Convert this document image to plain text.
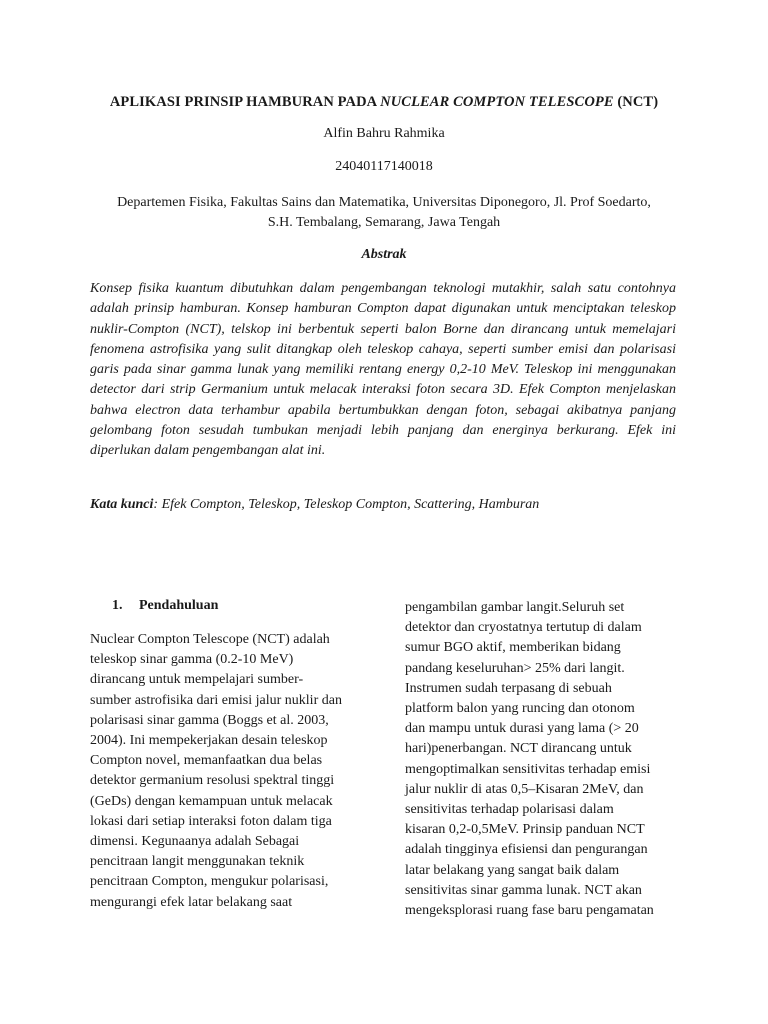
APLIKASI PRINSIP HAMBURAN PADA NUCLEAR COMPTON TELESCOPE (NCT)
Alfin Bahru Rahmika
24040117140018
Departemen Fisika, Fakultas Sains dan Matematika, Universitas Diponegoro, Jl. Prof Soedarto,
S.H. Tembalang, Semarang, Jawa Tengah
Abstrak

Konsep fisika kuantum dibutuhkan dalam pengembangan teknologi mutakhir, salah satu contohnya adalah prinsip hamburan. Konsep hamburan Compton dapat digunakan untuk menciptakan teleskop nuklir-Compton (NCT), telskop ini berbentuk seperti balon Borne dan dirancang untuk memelajari fenomena astrofisika yang sulit ditangkap oleh teleskop cahaya, seperti sumber emisi dan polarisasi garis pada sinar gamma lunak yang memiliki rentang energy 0,2-10 MeV. Teleskop ini menggunakan detector dari strip Germanium untuk melacak interaksi foton secara 3D. Efek Compton menjelaskan bahwa electron data terhambur apabila bertumbukkan dengan foton, sebagai akibatnya panjang gelombang foton sesudah tumbukan menjadi lebih panjang dan energinya berkurang. Efek ini diperlukan dalam pengembangan alat ini.

Kata kunci: Efek Compton, Teleskop, Teleskop Compton, Scattering, Hamburan

1. Pendahuluan
Nuclear Compton Telescope (NCT) adalah
teleskop sinar gamma (0.2-10 MeV)
dirancang untuk mempelajari sumber-
sumber astrofisika dari emisi jalur nuklir dan
polarisasi sinar gamma (Boggs et al. 2003,
2004). Ini mempekerjakan desain teleskop
Compton novel, memanfaatkan dua belas
detektor germanium resolusi spektral tinggi
(GeDs) dengan kemampuan untuk melacak
lokasi dari setiap interaksi foton dalam tiga
dimensi. Kegunaanya adalah Sebagai
pencitraan langit menggunakan teknik
pencitraan Compton, mengukur polarisasi,
mengurangi efek latar belakang saat
pengambilan gambar langit.Seluruh set
detektor dan cryostatnya tertutup di dalam
sumur BGO aktif, memberikan bidang
pandang keseluruhan> 25% dari langit.
Instrumen sudah terpasang di sebuah
platform balon yang runcing dan otonom
dan mampu untuk durasi yang lama (> 20
hari)penerbangan. NCT dirancang untuk
mengoptimalkan sensitivitas terhadap emisi
jalur nuklir di atas 0,5–Kisaran 2MeV, dan
sensitivitas terhadap polarisasi dalam
kisaran 0,2-0,5MeV. Prinsip panduan NCT
adalah tingginya efisiensi dan pengurangan
latar belakang yang sangat baik dalam
sensitivitas sinar gamma lunak. NCT akan
mengeksplorasi ruang fase baru pengamatan
